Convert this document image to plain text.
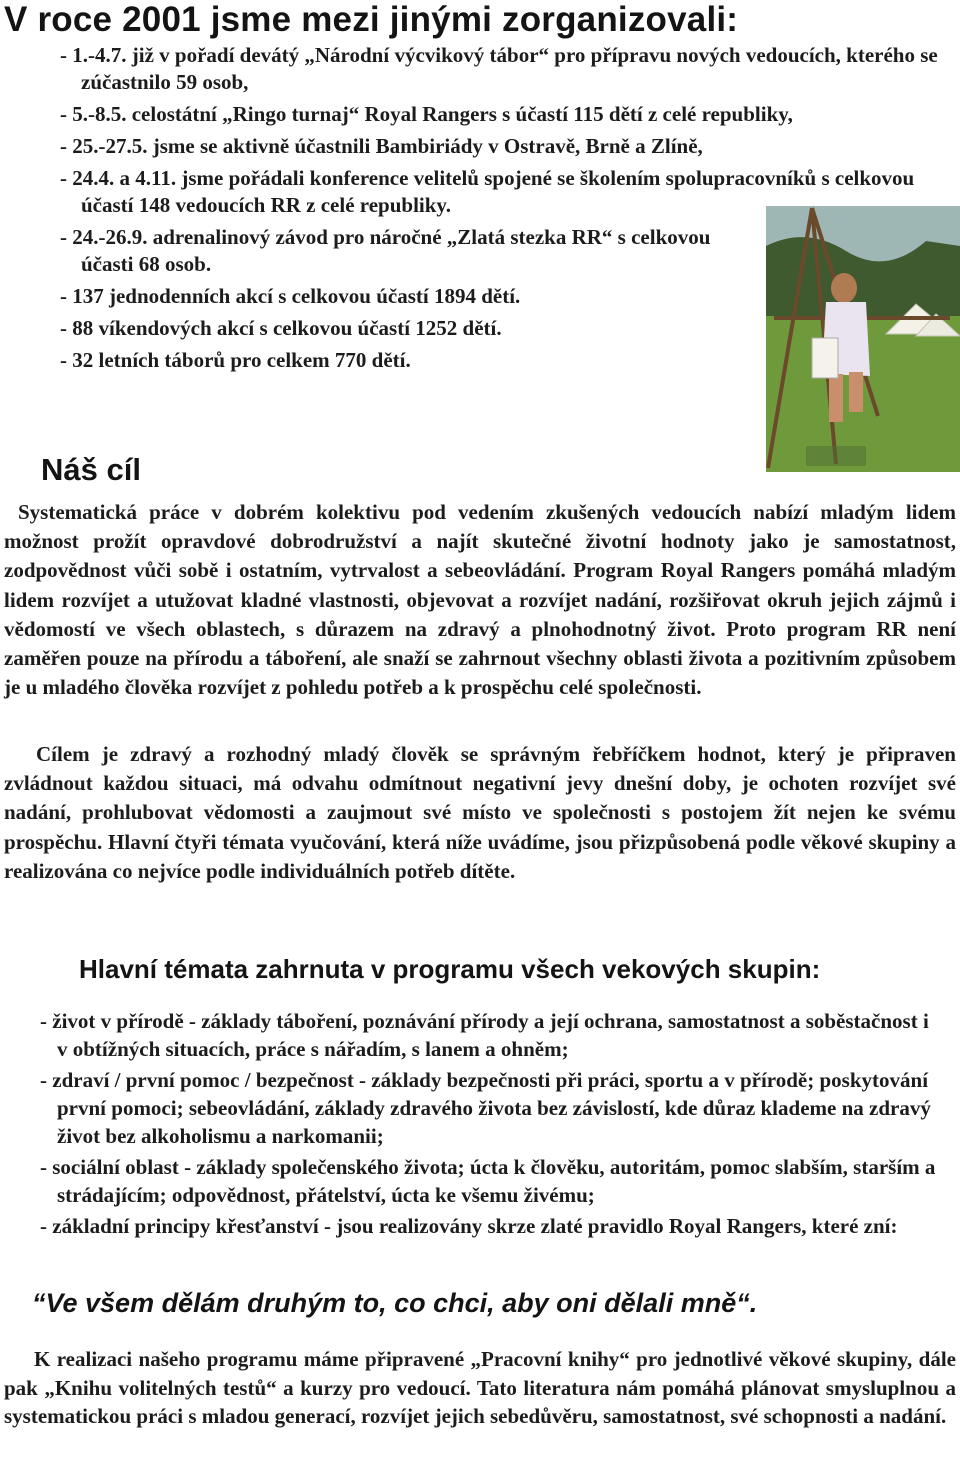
V roce 2001 jsme mezi jinými zorganizovali:
- 1.-4.7. již v pořadí devátý „Národní výcvikový tábor“ pro přípravu nových vedoucích, kterého se zúčastnilo 59 osob,
- 5.-8.5. celostátní „Ringo turnaj“ Royal Rangers s účastí 115 dětí z celé republiky,
- 25.-27.5. jsme se aktivně účastnili Bambiriády v Ostravě, Brně a Zlíně,
- 24.4. a 4.11. jsme pořádali konference velitelů spojené se školením spolupracovníků s celkovou účastí 148 vedoucích RR z celé republiky.
- 24.-26.9. adrenalinový závod pro náročné „Zlatá stezka RR“ s celkovou účasti 68 osob.
- 137 jednodenních akcí s celkovou účastí 1894 dětí.
- 88 víkendových akcí s celkovou účastí 1252 dětí.
- 32 letních táborů pro celkem 770 dětí.
Náš cíl

Systematická práce v dobrém kolektivu pod vedením zkušených vedoucích nabízí mladým lidem možnost prožít opravdové dobrodružství a najít skutečné životní hodnoty jako je samostatnost, zodpovědnost vůči sobě i ostatním, vytrvalost a sebeovládání. Program Royal Rangers pomáhá mladým lidem rozvíjet a utužovat kladné vlastnosti, objevovat a rozvíjet nadání, rozšiřovat okruh jejich zájmů i vědomostí ve všech oblastech, s důrazem na zdravý a plnohodnotný život. Proto program RR není zaměřen pouze na přírodu a táboření, ale snaží se zahrnout všechny oblasti života a pozitivním způsobem je u mladého člověka rozvíjet z pohledu potřeb a k prospěchu celé společnosti.

Cílem je zdravý a rozhodný mladý člověk se správným řebříčkem hodnot, který je připraven zvládnout každou situaci, má odvahu odmítnout negativní jevy dnešní doby, je ochoten rozvíjet své nadání, prohlubovat vědomosti a zaujmout své místo ve společnosti s postojem žít nejen ke svému prospěchu. Hlavní čtyři témata vyučování, která níže uvádíme, jsou přizpůsobená podle věkové skupiny a realizována co nejvíce podle individuálních potřeb dítěte.

Hlavní témata zahrnuta v programu všech vekových skupin:
- život v přírodě - základy táboření, poznávání přírody a její ochrana, samostatnost a soběstačnost i v obtížných situacích, práce s nářadím, s lanem a ohněm;
- zdraví / první pomoc / bezpečnost - základy bezpečnosti při práci, sportu a v přírodě; poskytování první pomoci; sebeovládání, základy zdravého života bez závislostí, kde důraz klademe na zdravý život bez alkoholismu a narkomanii;
- sociální oblast - základy společenského života; úcta k člověku, autoritám, pomoc slabším, starším a strádajícím; odpovědnost, přátelství, úcta ke všemu živému;
- základní principy křesťanství - jsou realizovány skrze zlaté pravidlo Royal Rangers, které zní:
“Ve všem dělám druhým to, co chci, aby oni dělali mně“.

K realizaci našeho programu máme připravené „Pracovní knihy“ pro jednotlivé věkové skupiny, dále pak „Knihu volitelných testů“ a kurzy pro vedoucí. Tato literatura nám pomáhá plánovat smysluplnou a systematickou práci s mladou generací, rozvíjet jejich sebedůvěru, samostatnost, své schopnosti a nadání.
